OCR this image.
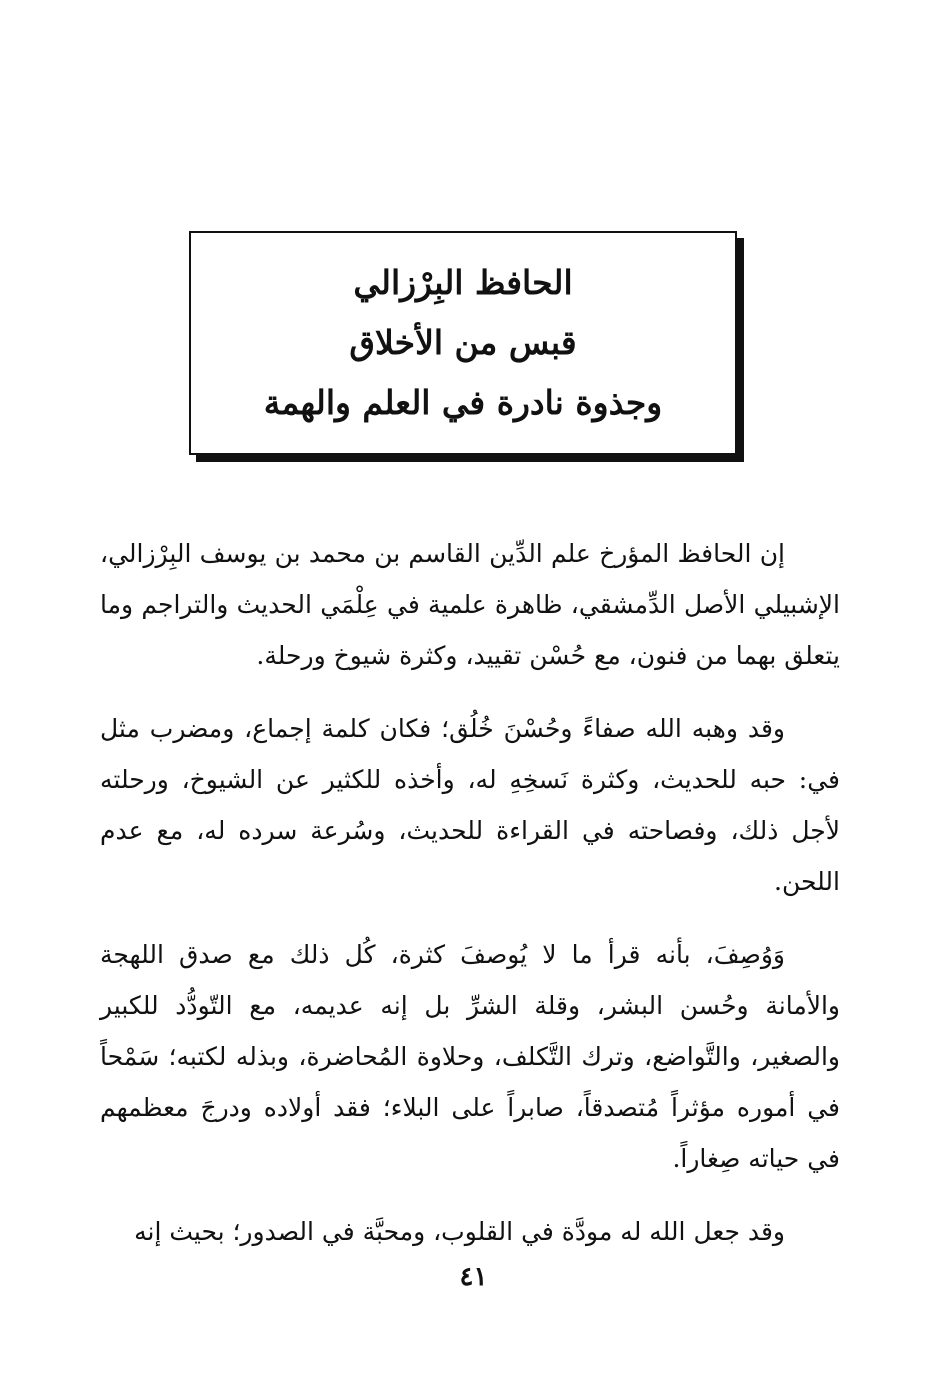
الحافظ البِرْزالي
قبس من الأخلاق
وجذوة نادرة في العلم والهمة

إن الحافظ المؤرخ علم الدِّين القاسم بن محمد بن يوسف البِرْزالي، الإشبيلي الأصل الدِّمشقي، ظاهرة علمية في عِلْمَي الحديث والتراجم وما يتعلق بهما من فنون، مع حُسْن تقييد، وكثرة شيوخ ورحلة.

وقد وهبه الله صفاءً وحُسْنَ خُلُق؛ فكان كلمة إجماع، ومضرب مثل في: حبه للحديث، وكثرة نَسخِهِ له، وأخذه للكثير عن الشيوخ، ورحلته لأجل ذلك، وفصاحته في القراءة للحديث، وسُرعة سرده له، مع عدم اللحن.

وَوُصِفَ، بأنه قرأ ما لا يُوصفَ كثرة، كُل ذلك مع صدق اللهجة والأمانة وحُسن البشر، وقلة الشرِّ بل إنه عديمه، مع التّودُّد للكبير والصغير، والتَّواضع، وترك التَّكلف، وحلاوة المُحاضرة، وبذله لكتبه؛ سَمْحاً في أموره مؤثراً مُتصدقاً، صابراً على البلاء؛ فقد أولاده ودرجَ معظمهم في حياته صِغاراً.

وقد جعل الله له مودَّة في القلوب، ومحبَّة في الصدور؛ بحيث إنه

٤١
